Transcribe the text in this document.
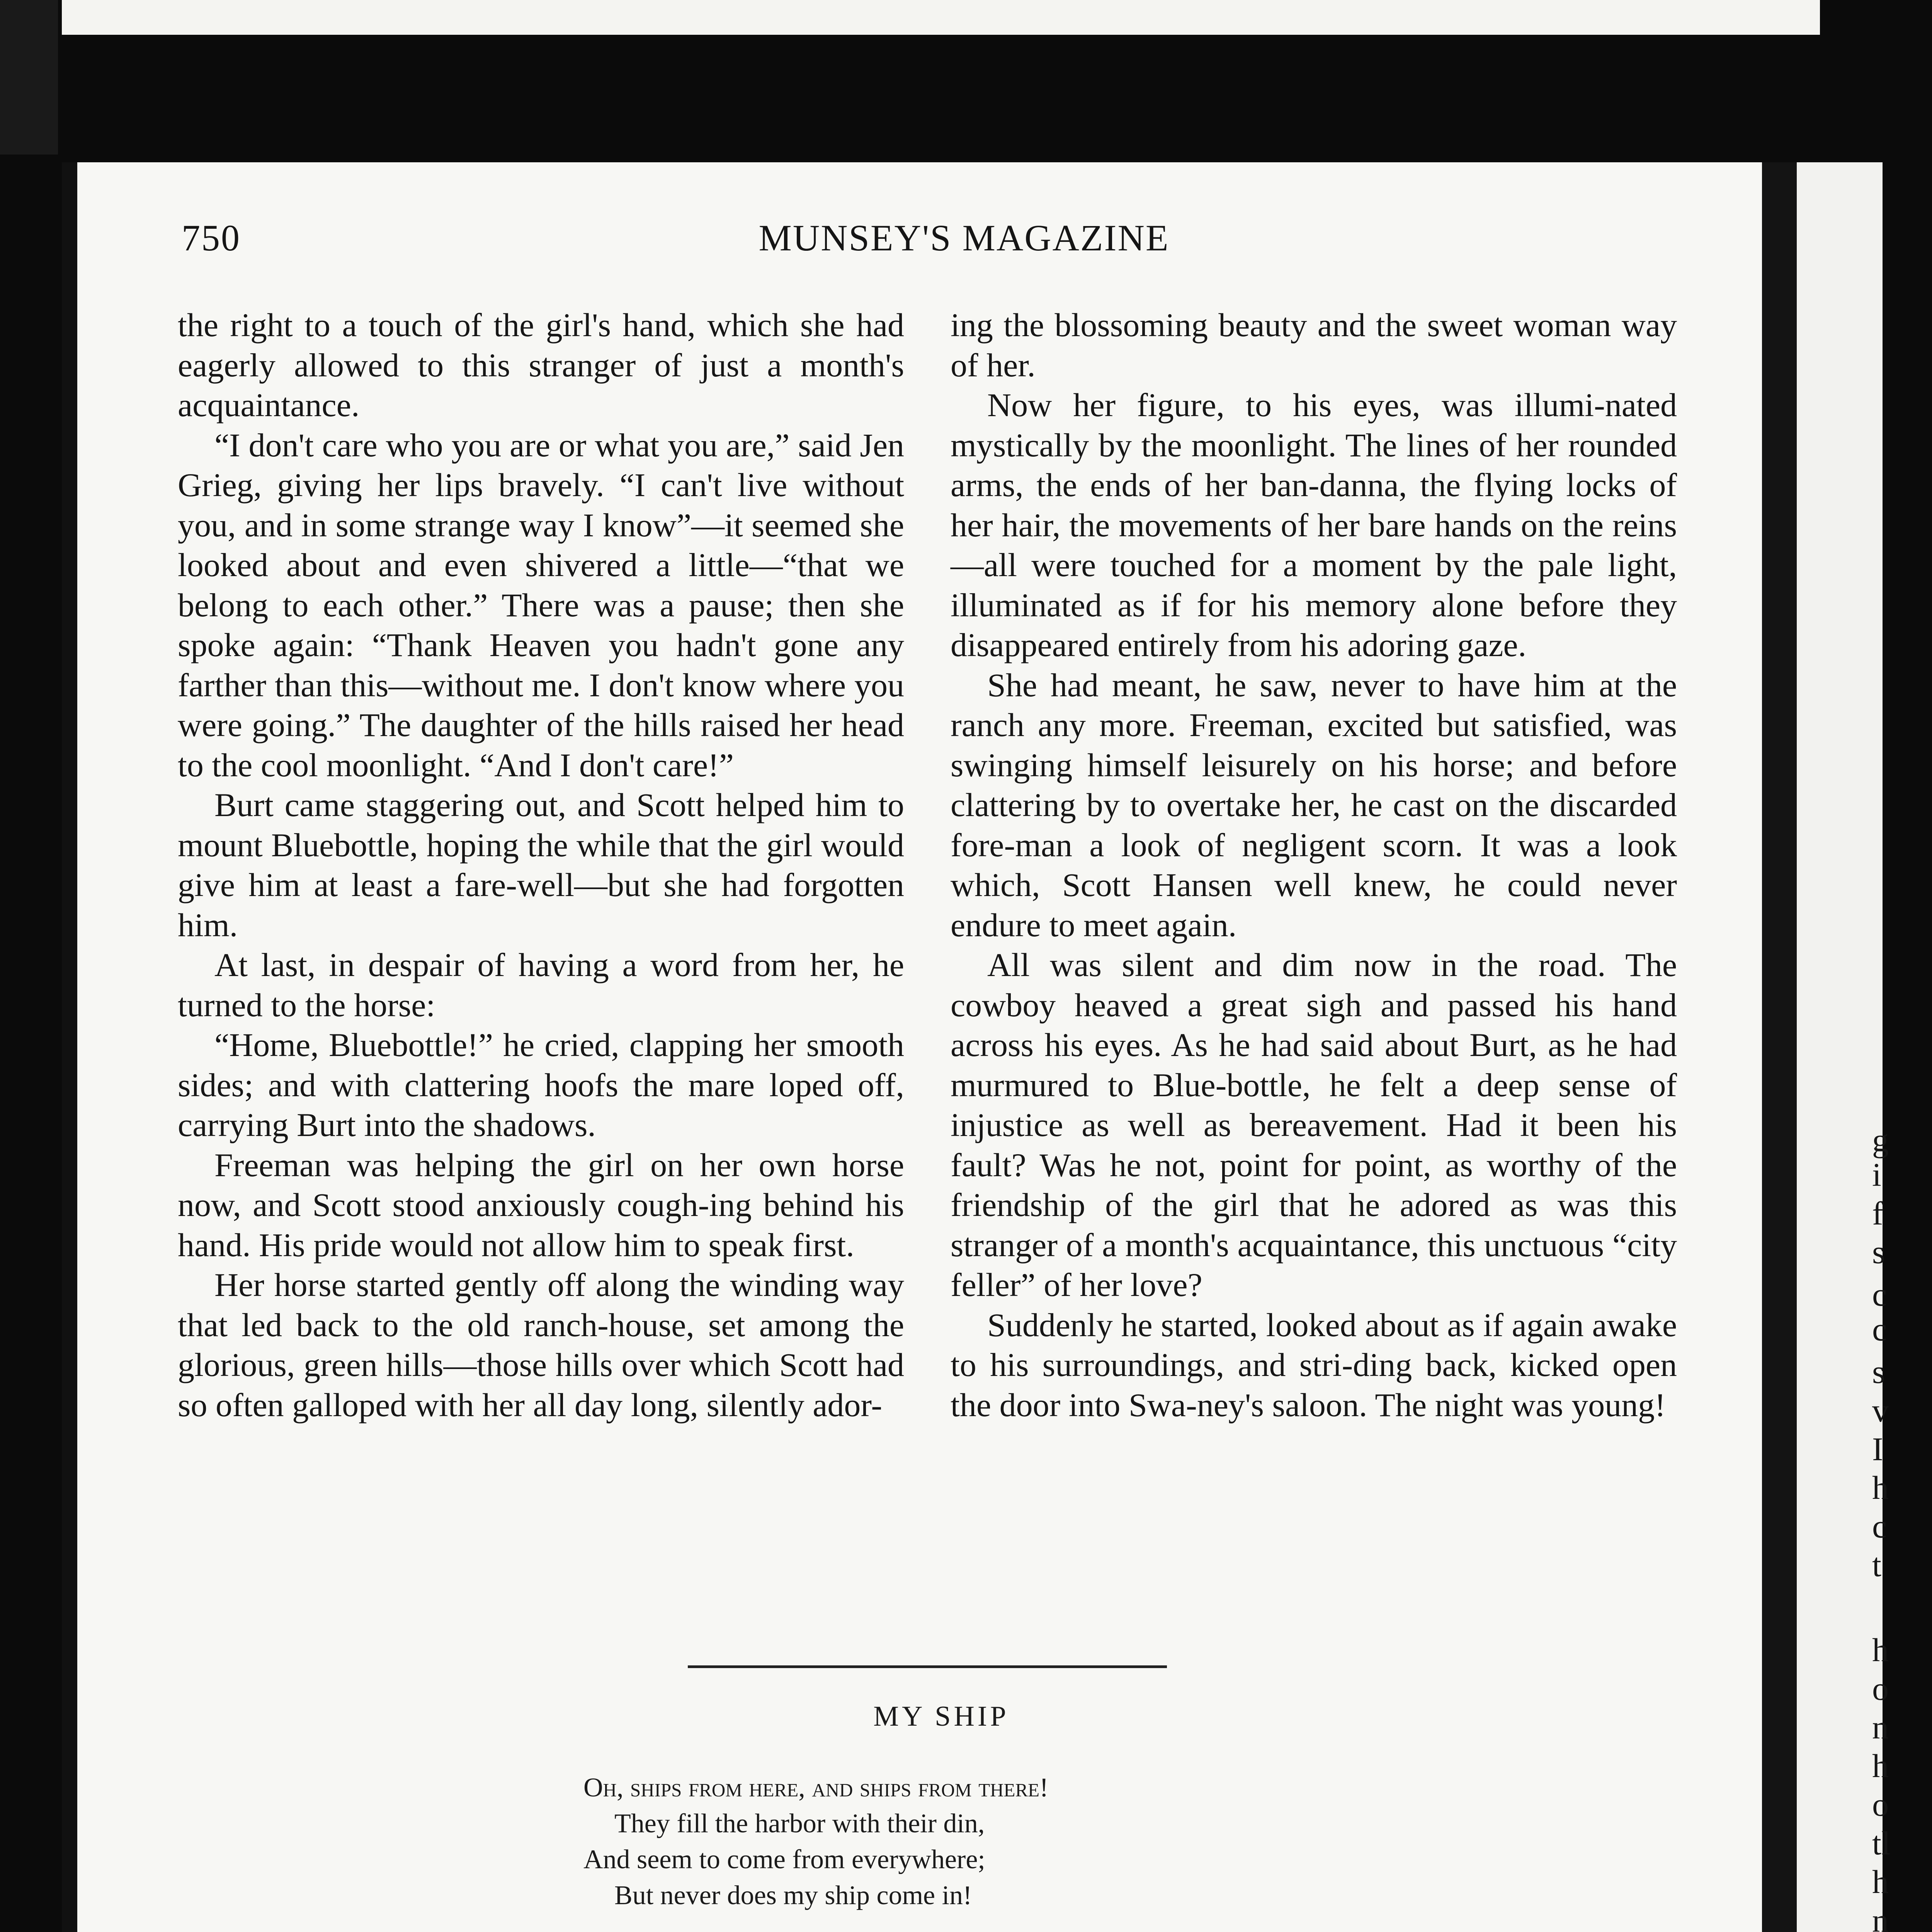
g
i
f
s
c
c
s
v
I
h
c
t
h
o
n
h
o
tl
h
n
750	MUNSEY'S MAGAZINE

the right to a touch of the girl's hand, which she had eagerly allowed to this stranger of just a month's acquaintance.

“I don't care who you are or what you are,” said Jen Grieg, giving her lips bravely. “I can't live without you, and in some strange way I know”—it seemed she looked about and even shivered a little—“that we belong to each other.” There was a pause; then she spoke again: “Thank Heaven you hadn't gone any farther than this—without me. I don't know where you were going.” The daughter of the hills raised her head to the cool moonlight. “And I don't care!”

Burt came staggering out, and Scott helped him to mount Bluebottle, hoping the while that the girl would give him at least a fare-well—but she had forgotten him.

At last, in despair of having a word from her, he turned to the horse:

“Home, Bluebottle!” he cried, clapping her smooth sides; and with clattering hoofs the mare loped off, carrying Burt into the shadows.

Freeman was helping the girl on her own horse now, and Scott stood anxiously cough-ing behind his hand. His pride would not allow him to speak first.

Her horse started gently off along the winding way that led back to the old ranch-house, set among the glorious, green hills—those hills over which Scott had so often galloped with her all day long, silently ador-

ing the blossoming beauty and the sweet woman way of her.

Now her figure, to his eyes, was illumi-nated mystically by the moonlight. The lines of her rounded arms, the ends of her ban-danna, the flying locks of her hair, the movements of her bare hands on the reins—all were touched for a moment by the pale light, illuminated as if for his memory alone before they disappeared entirely from his adoring gaze.

She had meant, he saw, never to have him at the ranch any more. Freeman, excited but satisfied, was swinging himself leisurely on his horse; and before clattering by to overtake her, he cast on the discarded fore-man a look of negligent scorn. It was a look which, Scott Hansen well knew, he could never endure to meet again.

All was silent and dim now in the road. The cowboy heaved a great sigh and passed his hand across his eyes. As he had said about Burt, as he had murmured to Blue-bottle, he felt a deep sense of injustice as well as bereavement. Had it been his fault? Was he not, point for point, as worthy of the friendship of the girl that he adored as was this stranger of a month's acquaintance, this unctuous “city feller” of her love?

Suddenly he started, looked about as if again awake to his surroundings, and stri-ding back, kicked open the door into Swa-ney's saloon. The night was young!

MY SHIP
Oh, ships from here, and ships from there!
They fill the harbor with their din,
And seem to come from everywhere;
But never does my ship come in!
